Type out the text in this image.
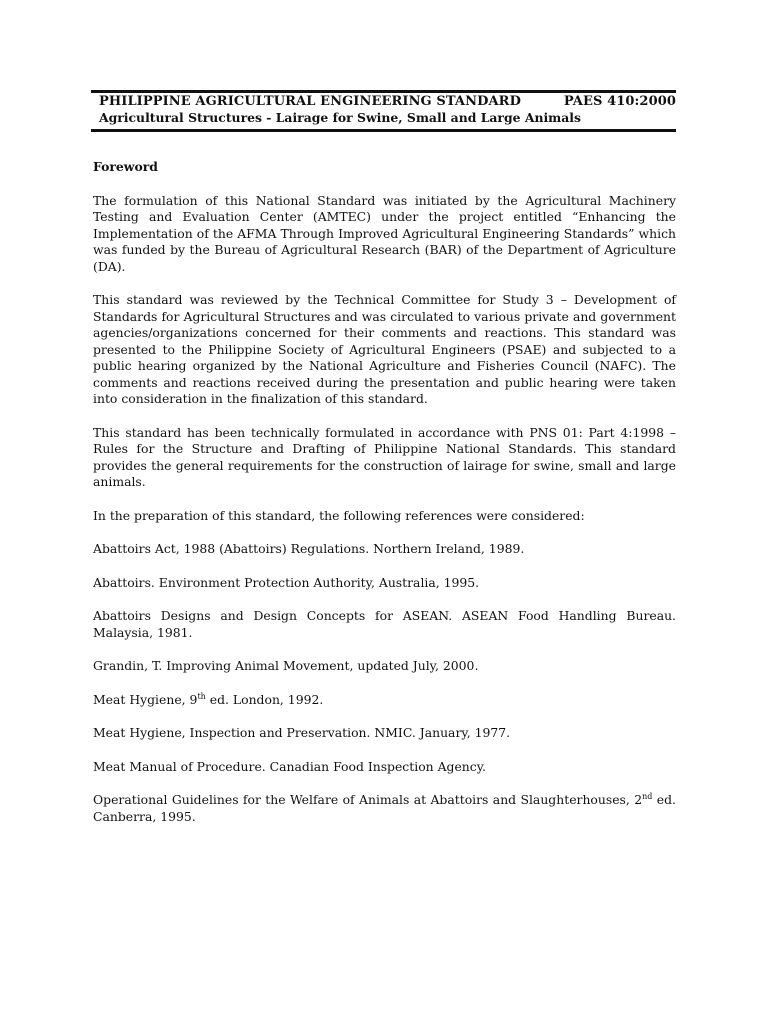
PHILIPPINE AGRICULTURAL ENGINEERING STANDARD	PAES 410:2000
Agricultural Structures - Lairage for Swine, Small and Large Animals
Foreword

The formulation of this National Standard was initiated by the Agricultural Machinery Testing and Evaluation Center (AMTEC) under the project entitled “Enhancing the Implementation of the AFMA Through Improved Agricultural Engineering Standards” which was funded by the Bureau of Agricultural Research (BAR) of the Department of Agriculture (DA).

This standard was reviewed by the Technical Committee for Study 3 – Development of Standards for Agricultural Structures and was circulated to various private and government agencies/organizations concerned for their comments and reactions. This standard was presented to the Philippine Society of Agricultural Engineers (PSAE) and subjected to a public hearing organized by the National Agriculture and Fisheries Council (NAFC). The comments and reactions received during the presentation and public hearing were taken into consideration in the finalization of this standard.

This standard has been technically formulated in accordance with PNS 01: Part 4:1998 – Rules for the Structure and Drafting of Philippine National Standards. This standard provides the general requirements for the construction of lairage for swine, small and large animals.

In the preparation of this standard, the following references were considered:

Abattoirs Act, 1988 (Abattoirs) Regulations. Northern Ireland, 1989.

Abattoirs. Environment Protection Authority, Australia, 1995.

Abattoirs Designs and Design Concepts for ASEAN. ASEAN Food Handling Bureau. Malaysia, 1981.

Grandin, T. Improving Animal Movement, updated July, 2000.

Meat Hygiene, 9th ed. London, 1992.

Meat Hygiene, Inspection and Preservation. NMIC. January, 1977.

Meat Manual of Procedure. Canadian Food Inspection Agency.

Operational Guidelines for the Welfare of Animals at Abattoirs and Slaughterhouses, 2nd ed. Canberra, 1995.
